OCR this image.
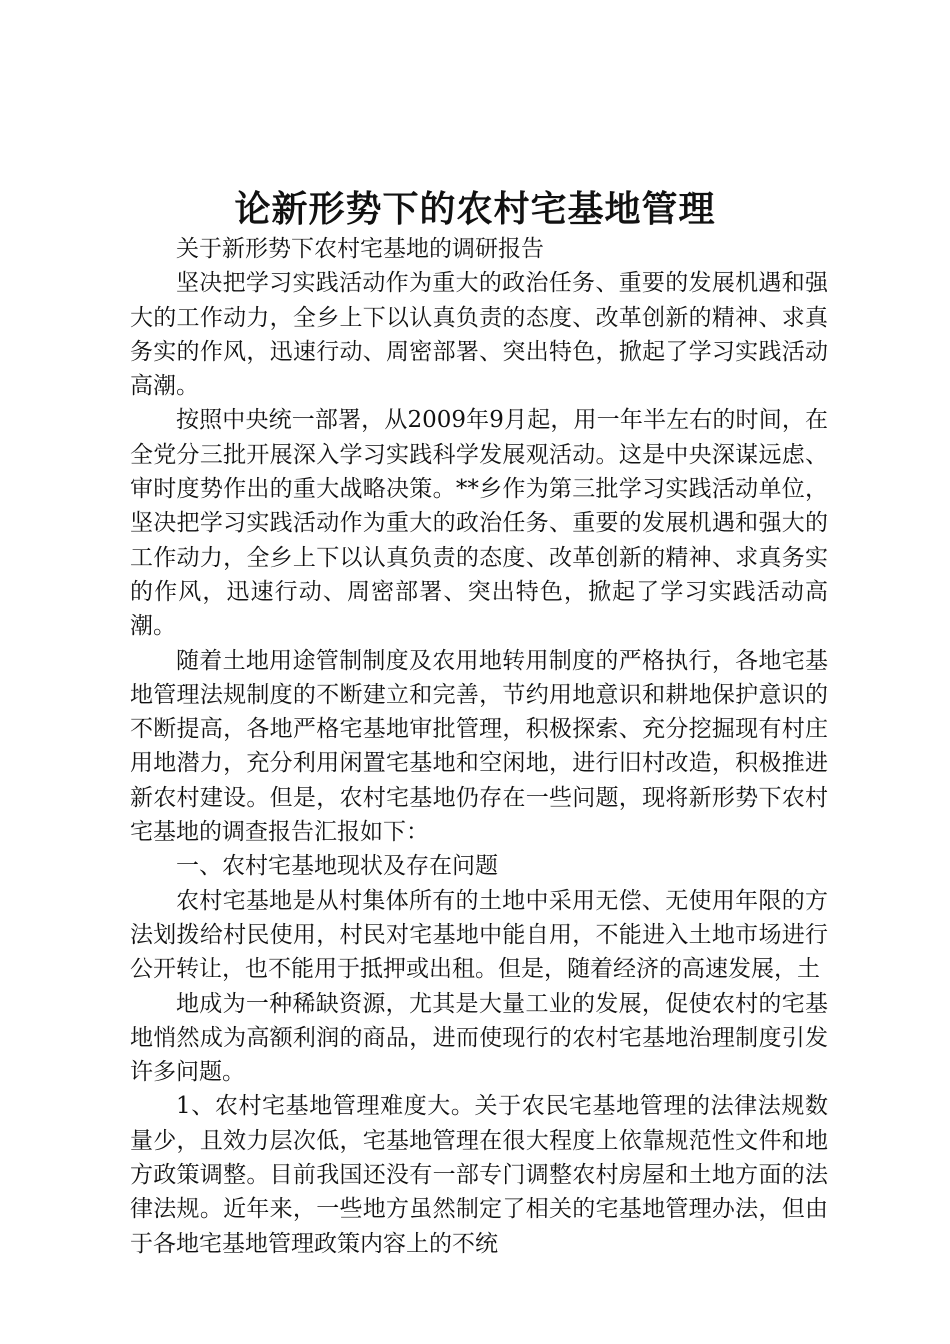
论新形势下的农村宅基地管理

关于新形势下农村宅基地的调研报告

坚决把学习实践活动作为重大的政治任务、重要的发展机遇和强大的工作动力，全乡上下以认真负责的态度、改革创新的精神、求真务实的作风，迅速行动、周密部署、突出特色，掀起了学习实践活动高潮。

按照中央统一部署，从2009年9月起，用一年半左右的时间，在全党分三批开展深入学习实践科学发展观活动。这是中央深谋远虑、审时度势作出的重大战略决策。**乡作为第三批学习实践活动单位，坚决把学习实践活动作为重大的政治任务、重要的发展机遇和强大的工作动力，全乡上下以认真负责的态度、改革创新的精神、求真务实的作风，迅速行动、周密部署、突出特色，掀起了学习实践活动高潮。

随着土地用途管制制度及农用地转用制度的严格执行，各地宅基地管理法规制度的不断建立和完善，节约用地意识和耕地保护意识的不断提高，各地严格宅基地审批管理，积极探索、充分挖掘现有村庄用地潜力，充分利用闲置宅基地和空闲地，进行旧村改造，积极推进新农村建设。但是，农村宅基地仍存在一些问题，现将新形势下农村宅基地的调查报告汇报如下：

一、农村宅基地现状及存在问题

农村宅基地是从村集体所有的土地中采用无偿、无使用年限的方法划拨给村民使用，村民对宅基地中能自用，不能进入土地市场进行公开转让，也不能用于抵押或出租。但是，随着经济的高速发展，土

地成为一种稀缺资源，尤其是大量工业的发展，促使农村的宅基地悄然成为高额利润的商品，进而使现行的农村宅基地治理制度引发许多问题。

1、农村宅基地管理难度大。关于农民宅基地管理的法律法规数量少，且效力层次低，宅基地管理在很大程度上依靠规范性文件和地方政策调整。目前我国还没有一部专门调整农村房屋和土地方面的法律法规。近年来，一些地方虽然制定了相关的宅基地管理办法，但由于各地宅基地管理政策内容上的不统
